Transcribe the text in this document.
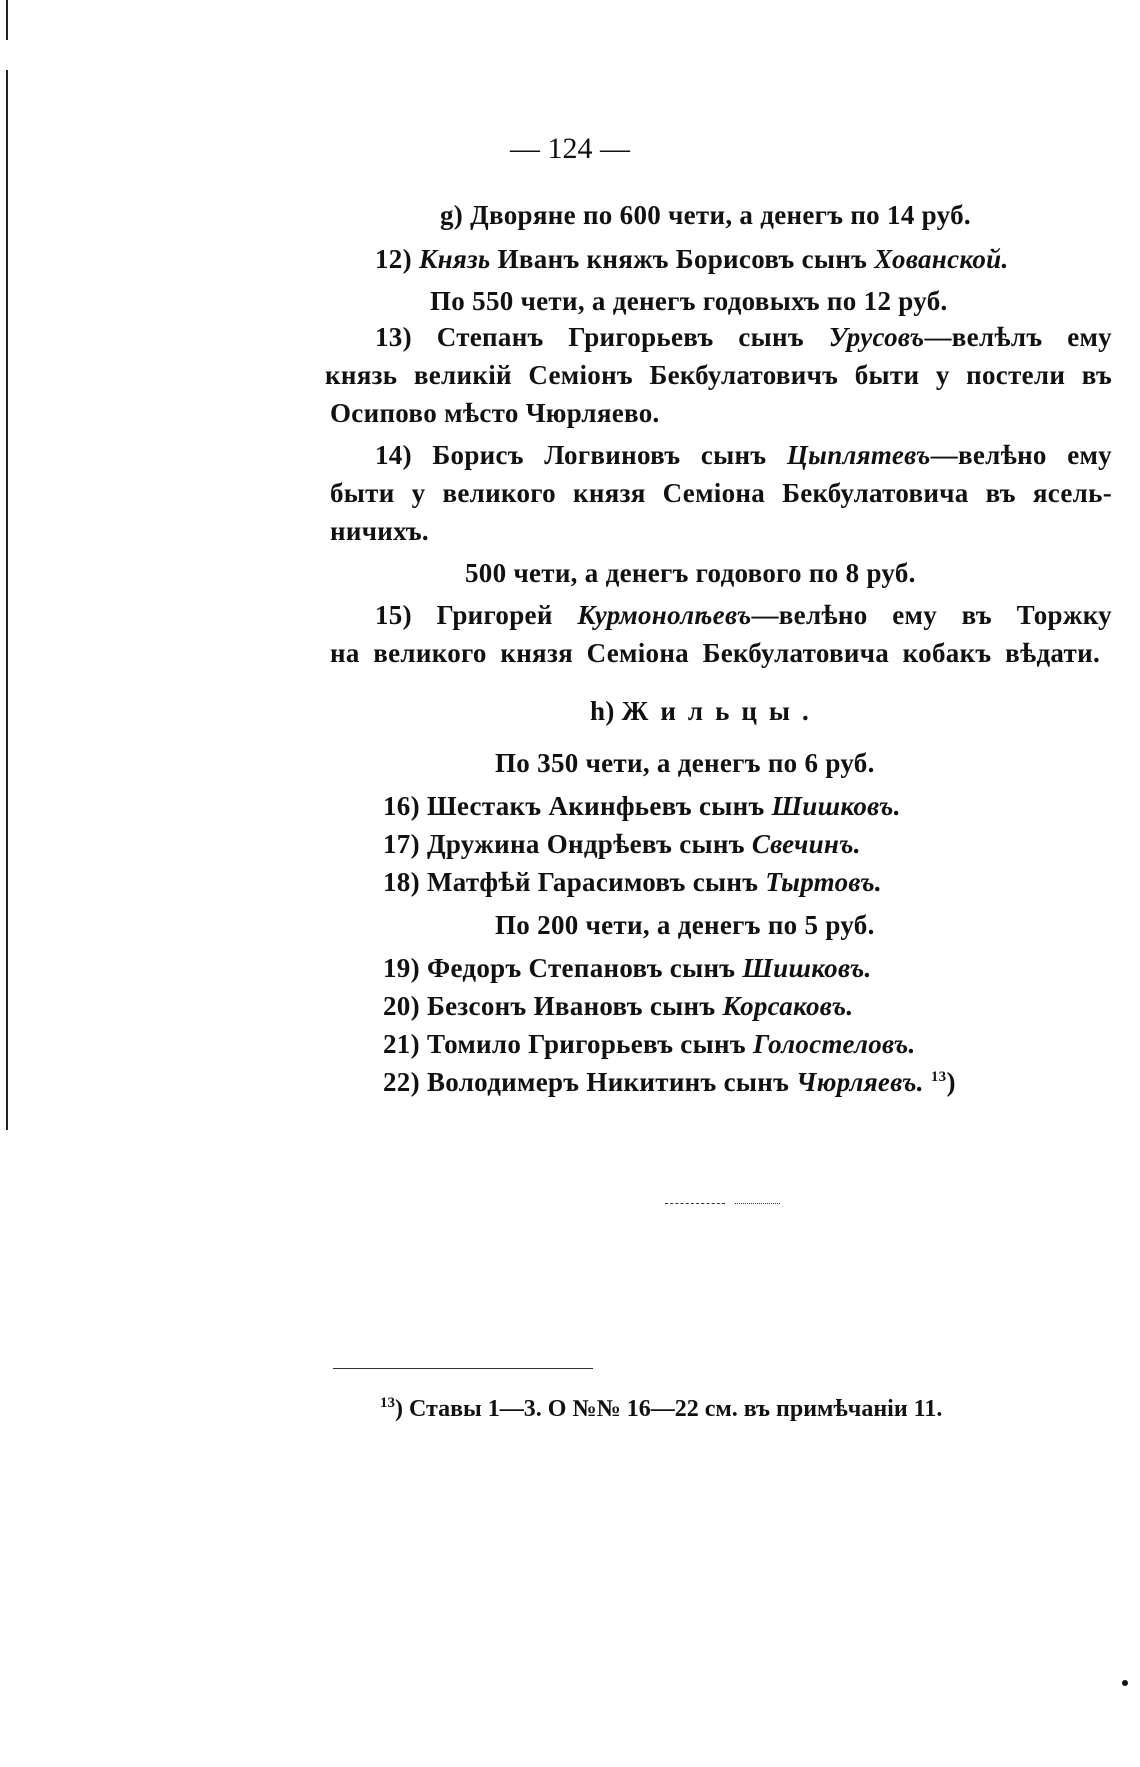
— 124 —
g) Дворяне по 600 чети, а денегъ по 14 руб.
12) Князь Иванъ княжъ Борисовъ сынъ Хованской.
По 550 чети, а денегъ годовыхъ по 12 руб.
13) Степанъ Григорьевъ сынъ Урусовъ—велѣлъ ему
князь великій Семіонъ Бекбулатовичъ быти у постели въ
Осиповo мѣсто Чюрляево.
14) Борисъ Логвиновъ сынъ Цыплятевъ—велѣно ему
быти у великого князя Семіона Бекбулатовича въ ясель-
ничихъ.
500 чети, а денегъ годового по 8 руб.
15) Григорей Курмонолѣевъ—велѣно ему въ Торжку
на великого князя Семіона Бекбулатовича кобакъ вѣдати.
h) Жильцы.
По 350 чети, а денегъ по 6 руб.
16) Шестакъ Акинфьевъ сынъ Шишковъ.
17) Дружина Ондрѣевъ сынъ Свечинъ.
18) Матфѣй Гарасимовъ сынъ Тыртовъ.
По 200 чети, а денегъ по 5 руб.
19) Федоръ Степановъ сынъ Шишковъ.
20) Безсонъ Ивановъ сынъ Корсаковъ.
21) Томило Григорьевъ сынъ Голостеловъ.
22) Володимеръ Никитинъ сынъ Чюрляевъ. $^{13}$)
$^{13}$) Ставы 1—3. О №№ 16—22 см. въ примѣчаніи 11.
